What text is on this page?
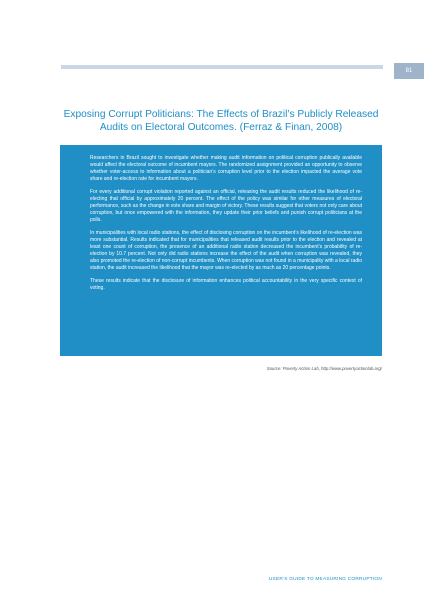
81
Exposing Corrupt Politicians: The Effects of Brazil’s Publicly Released Audits on Electoral Outcomes. (Ferraz & Finan, 2008)

Researchers in Brazil sought to investigate whether making audit information on political corruption publically available would affect the electoral outcome of incumbent mayors. The randomized assignment provided an opportunity to observe whether voter-access to information about a politician’s corruption level prior to the election impacted the average vote share and re-election rate for incumbent mayors.

For every additional corrupt violation reported against an official, releasing the audit results reduced the likelihood of re-electing that official by approximately 20 percent. The effect of the policy was similar for other measures of electoral performance, such as the change in vote share and margin of victory. These results suggest that voters not only care about corruption, but once empowered with the information, they update their prior beliefs and punish corrupt politicians at the polls.

In municipalities with local radio stations, the effect of disclosing corruption on the incumbent’s likelihood of re-election was more substantial. Results indicated that for municipalities that released audit results prior to the election and revealed at least one count of corruption, the presence of an additional radio station decreased the incumbent’s probability of re-election by 10.7 percent. Not only did radio stations increase the effect of the audit when corruption was revealed, they also promoted the re-election of non-corrupt incumbents. When corruption was not found in a municipality with a local radio station, the audit increased the likelihood that the mayor was re-elected by as much as 20 percentage points.

These results indicate that the disclosure of information enhances political accountability in the very specific context of voting.

Source: Poverty Action Lab, http://www.povertyactionlab.org/
USER’S GUIDE TO MEASURING CORRUPTION
